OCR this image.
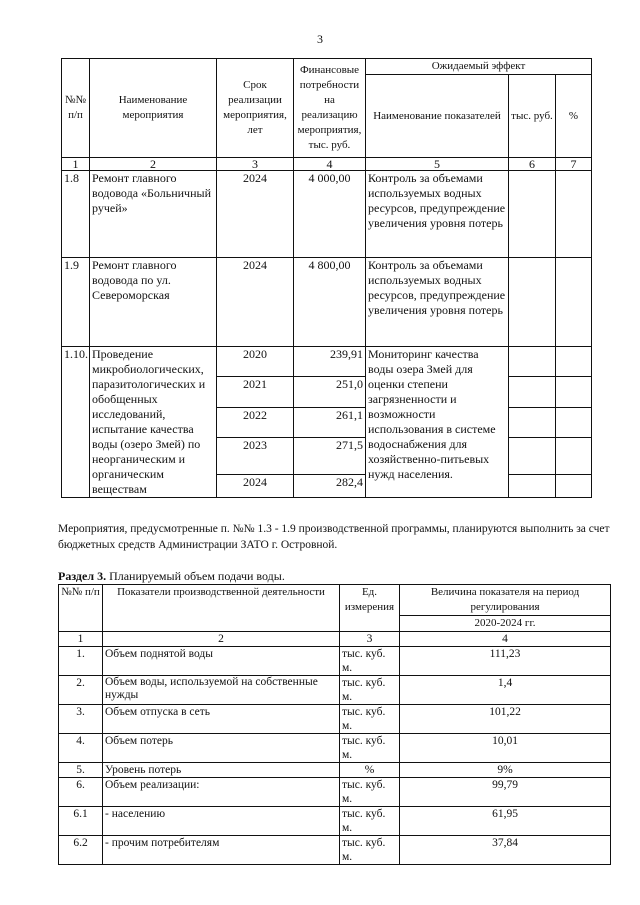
3
№№ п/п	Наименование мероприятия	Срок реализации мероприятия, лет	Финансовые потребности на реализацию мероприятия, тыс. руб.	Ожидаемый эффект		
				Наименование показателей	тыс. руб.	%
1	2	3	4	5	6	7
1.8	Ремонт главного водовода «Больничный ручей»	2024	4 000,00	Контроль за объемами используемых водных ресурсов, предупреждение увеличения уровня потерь		
1.9	Ремонт главного водовода по ул. Североморская	2024	4 800,00	Контроль за объемами используемых водных ресурсов, предупреждение увеличения уровня потерь		
1.10.	Проведение микробиологических, паразитологических и обобщенных исследований, испытание качества воды (озеро Змей) по неорганическим и органическим веществам	2020	239,91	Мониторинг качества воды озера Змей для оценки степени загрязненности и возможности использования в системе водоснабжения для хозяйственно-питьевых нужд населения.		
		2021	251,0			
		2022	261,1			
		2023	271,5			
		2024	282,4			
Мероприятия, предусмотренные п. №№ 1.3 - 1.9 производственной программы, планируются выполнить за счет бюджетных средств Администрации ЗАТО г. Островной.
Раздел 3. Планируемый объем подачи воды.
№№ п/п	Показатели производственной деятельности	Ед. измерения	Величина показателя на период регулирования
			2020-2024 гг.
1	2	3	4
1.	Объем поднятой воды	тыс. куб. м.	111,23
2.	Объем воды, используемой на собственные нужды	тыс. куб. м.	1,4
3.	Объем отпуска в сеть	тыс. куб. м.	101,22
4.	Объем потерь	тыс. куб. м.	10,01
5.	Уровень потерь	%	9%
6.	Объем реализации:	тыс. куб. м.	99,79
6.1	- населению	тыс. куб. м.	61,95
6.2	- прочим потребителям	тыс. куб. м.	37,84
